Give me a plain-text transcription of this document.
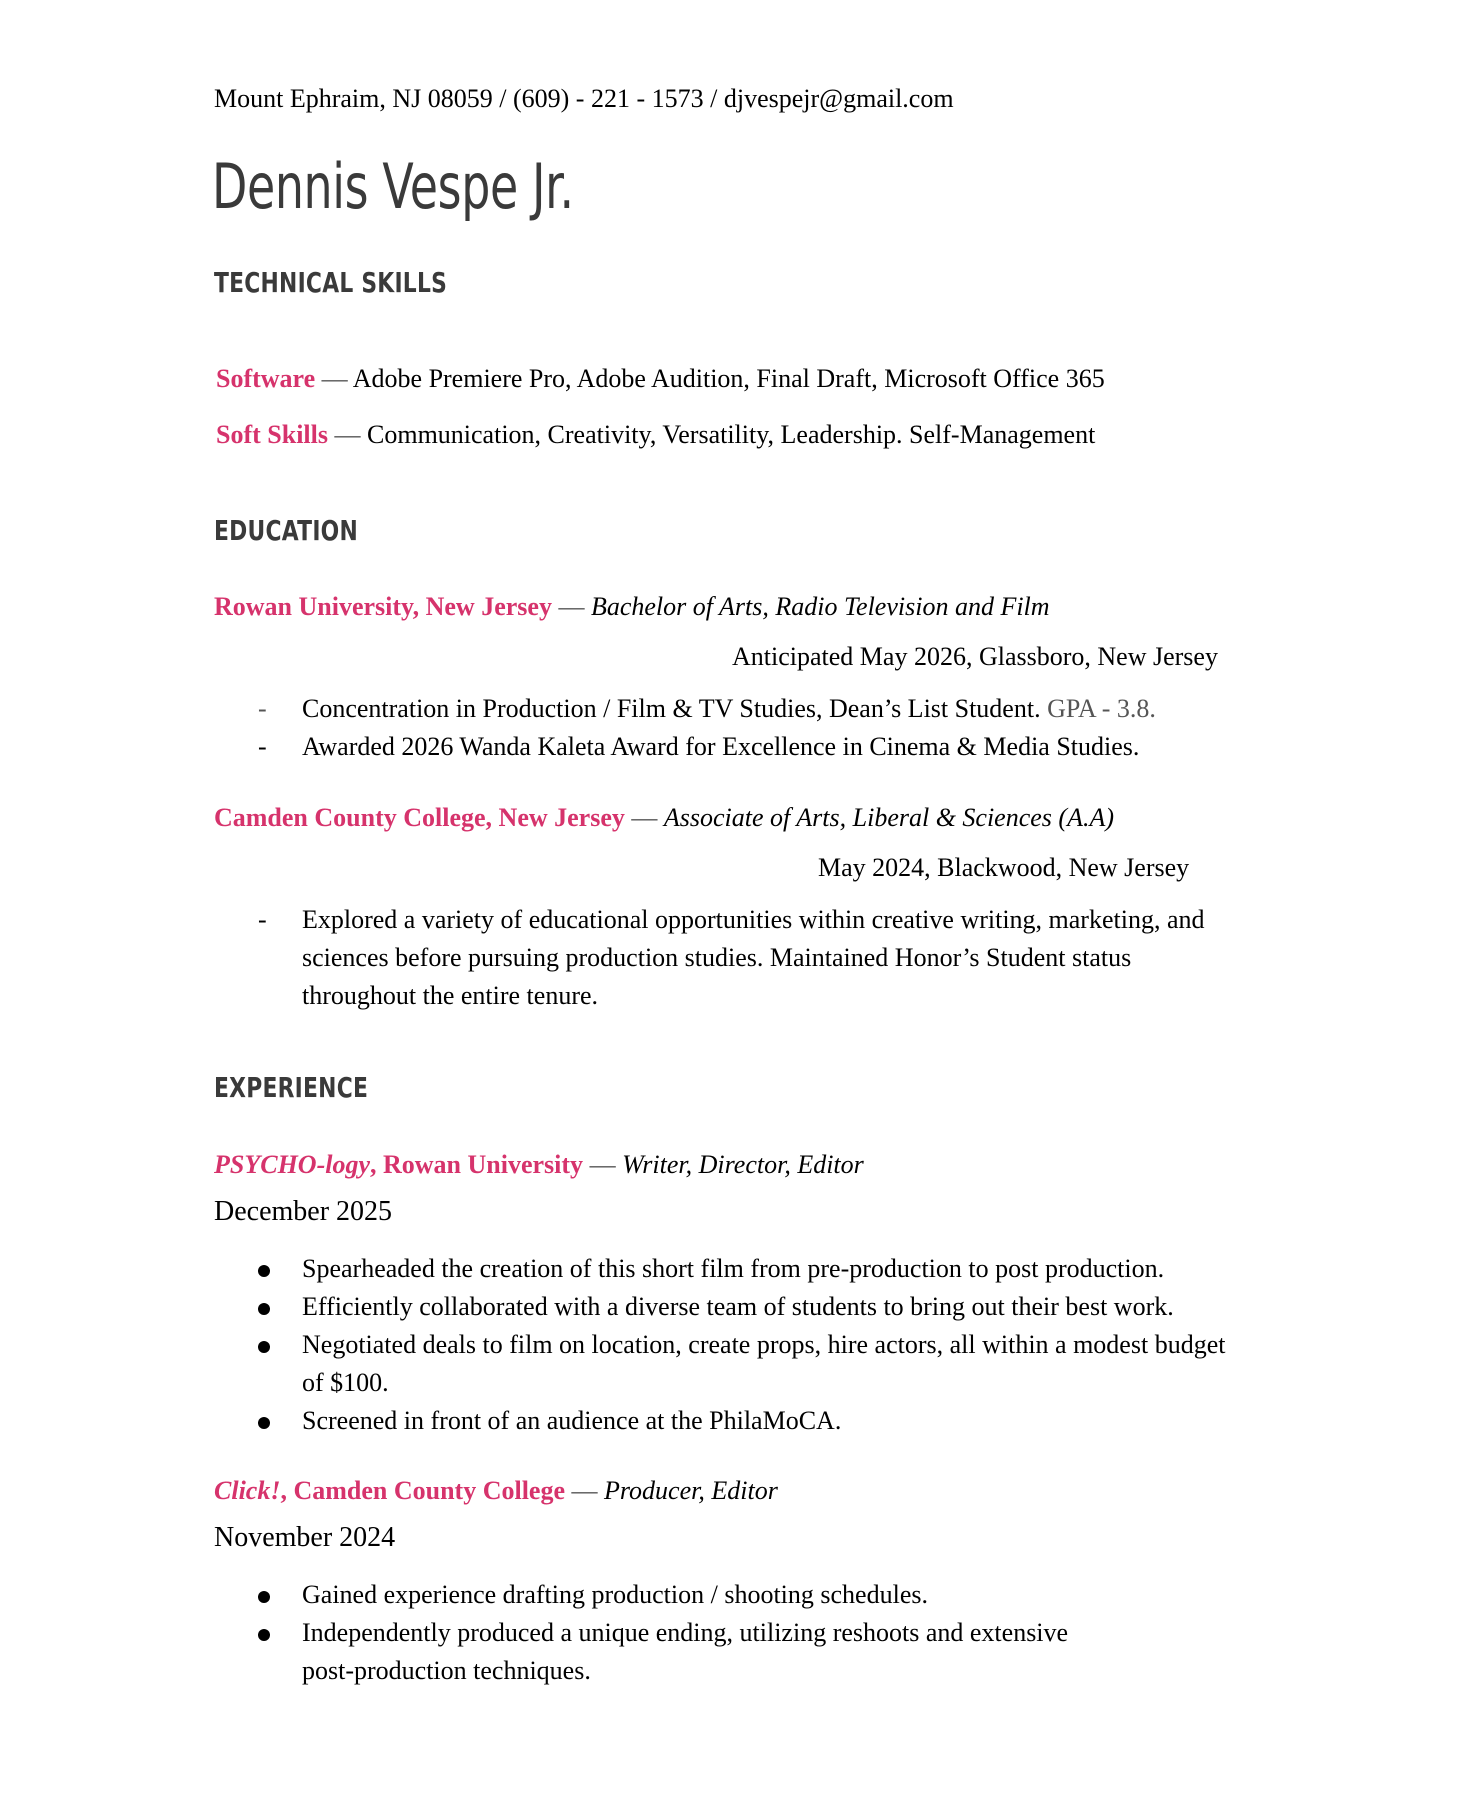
Mount Ephraim, NJ 08059 / (609) - 221 - 1573 / djvespejr@gmail.com
Dennis Vespe Jr.
TECHNICAL SKILLS
Software — Adobe Premiere Pro, Adobe Audition, Final Draft, Microsoft Office 365
Soft Skills — Communication, Creativity, Versatility, Leadership. Self-Management
EDUCATION
Rowan University, New Jersey — Bachelor of Arts, Radio Television and Film
Anticipated May 2026, Glassboro, New Jersey
- Concentration in Production / Film & TV Studies, Dean’s List Student. GPA - 3.8.
- Awarded 2026 Wanda Kaleta Award for Excellence in Cinema & Media Studies.
Camden County College, New Jersey — Associate of Arts, Liberal & Sciences (A.A)
May 2024, Blackwood, New Jersey
- Explored a variety of educational opportunities within creative writing, marketing, and
sciences before pursuing production studies. Maintained Honor’s Student status
throughout the entire tenure.
EXPERIENCE
PSYCHO-logy, Rowan University — Writer, Director, Editor
December 2025
Spearheaded the creation of this short film from pre-production to post production.
Efficiently collaborated with a diverse team of students to bring out their best work.
Negotiated deals to film on location, create props, hire actors, all within a modest budget
of $100.
Screened in front of an audience at the PhilaMoCA.
Click!, Camden County College — Producer, Editor
November 2024
Gained experience drafting production / shooting schedules.
Independently produced a unique ending, utilizing reshoots and extensive
post-production techniques.
